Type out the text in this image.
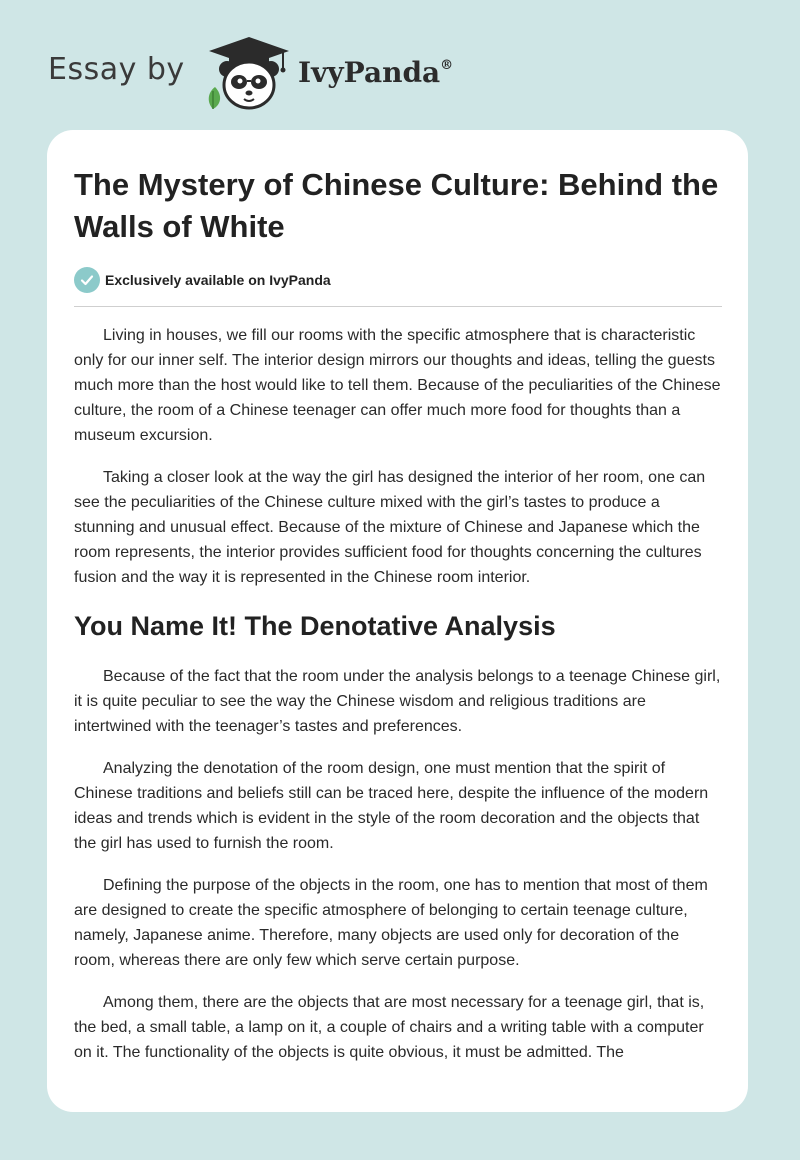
Essay by	IvyPanda®
The Mystery of Chinese Culture: Behind the Walls of White
Exclusively available on IvyPanda

Living in houses, we fill our rooms with the specific atmosphere that is characteristic only for our inner self. The interior design mirrors our thoughts and ideas, telling the guests much more than the host would like to tell them. Because of the peculiarities of the Chinese culture, the room of a Chinese teenager can offer much more food for thoughts than a museum excursion.

Taking a closer look at the way the girl has designed the interior of her room, one can see the peculiarities of the Chinese culture mixed with the girl’s tastes to produce a stunning and unusual effect. Because of the mixture of Chinese and Japanese which the room represents, the interior provides sufficient food for thoughts concerning the cultures fusion and the way it is represented in the Chinese room interior.

You Name It! The Denotative Analysis

Because of the fact that the room under the analysis belongs to a teenage Chinese girl, it is quite peculiar to see the way the Chinese wisdom and religious traditions are intertwined with the teenager’s tastes and preferences.

Analyzing the denotation of the room design, one must mention that the spirit of Chinese traditions and beliefs still can be traced here, despite the influence of the modern ideas and trends which is evident in the style of the room decoration and the objects that the girl has used to furnish the room.

Defining the purpose of the objects in the room, one has to mention that most of them are designed to create the specific atmosphere of belonging to certain teenage culture, namely, Japanese anime. Therefore, many objects are used only for decoration of the room, whereas there are only few which serve certain purpose.

Among them, there are the objects that are most necessary for a teenage girl, that is, the bed, a small table, a lamp on it, a couple of chairs and a writing table with a computer on it. The functionality of the objects is quite obvious, it must be admitted. The
